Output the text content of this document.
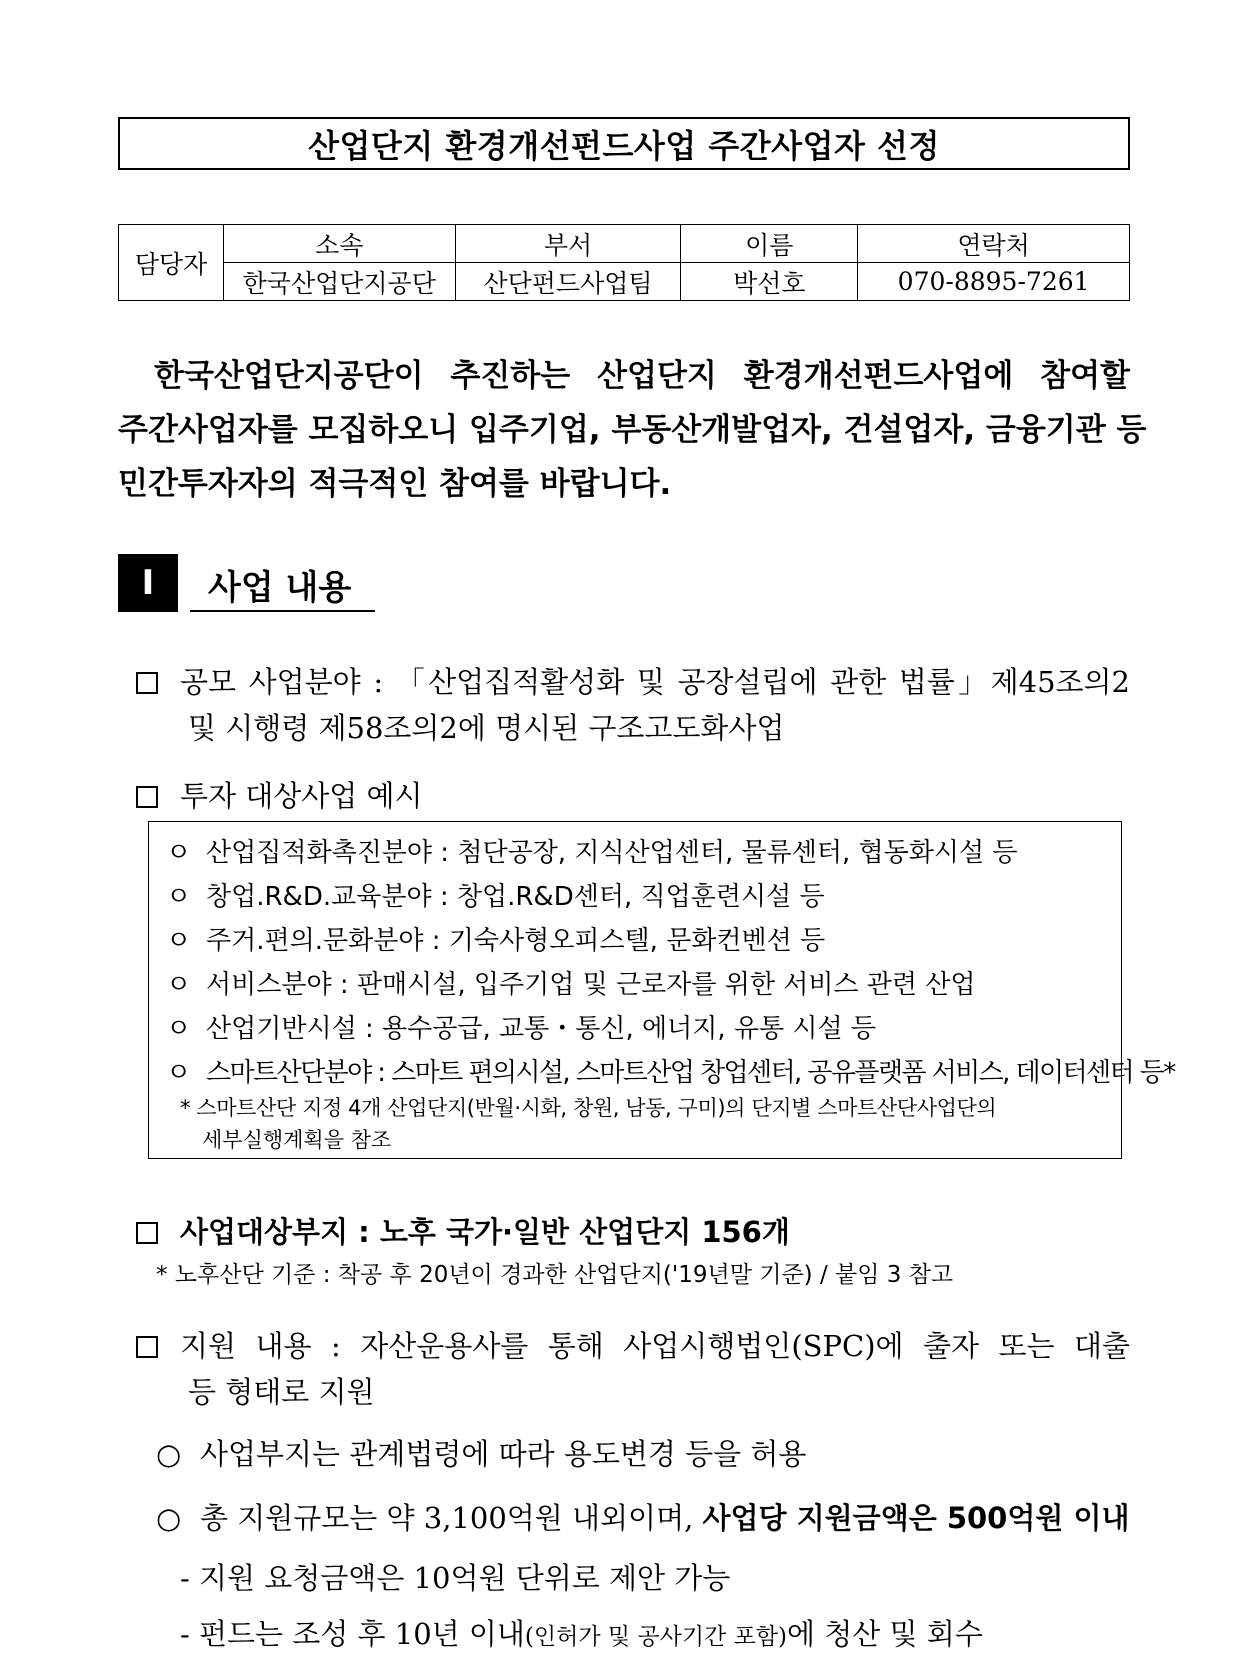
산업단지 환경개선펀드사업 주간사업자 선정
담당자	소속	부서	이름	연락처
	한국산업단지공단	산단펀드사업팀	박선호	070-8895-7261
한국산업단지공단이 추진하는 산업단지 환경개선펀드사업에 참여할
주간사업자를 모집하오니 입주기업, 부동산개발업자, 건설업자, 금융기관 등
민간투자자의 적극적인 참여를 바랍니다.
I	사업 내용
공모 사업분야 : 「산업집적활성화 및 공장설립에 관한 법률」제45조의2
및 시행령 제58조의2에 명시된 구조고도화사업
투자 대상사업 예시
ㅇ 산업집적화촉진분야 : 첨단공장, 지식산업센터, 물류센터, 협동화시설 등
ㅇ 창업.R&D.교육분야 : 창업.R&D센터, 직업훈련시설 등
ㅇ 주거.편의.문화분야 : 기숙사형오피스텔, 문화컨벤션 등
ㅇ 서비스분야 : 판매시설, 입주기업 및 근로자를 위한 서비스 관련 산업
ㅇ 산업기반시설 : 용수공급, 교통・통신, 에너지, 유통 시설 등
ㅇ 스마트산단분야 : 스마트 편의시설, 스마트산업 창업센터, 공유플랫폼 서비스, 데이터센터 등*
* 스마트산단 지정 4개 산업단지(반월·시화, 창원, 남동, 구미)의 단지별 스마트산단사업단의
세부실행계획을 참조
사업대상부지 : 노후 국가·일반 산업단지 156개
* 노후산단 기준 : 착공 후 20년이 경과한 산업단지('19년말 기준) / 붙임 3 참고
지원 내용 : 자산운용사를 통해 사업시행법인(SPC)에 출자 또는 대출
등 형태로 지원
○ 사업부지는 관계법령에 따라 용도변경 등을 허용
○ 총 지원규모는 약 3,100억원 내외이며, 사업당 지원금액은 500억원 이내
- 지원 요청금액은 10억원 단위로 제안 가능
- 펀드는 조성 후 10년 이내(인허가 및 공사기간 포함)에 청산 및 회수
